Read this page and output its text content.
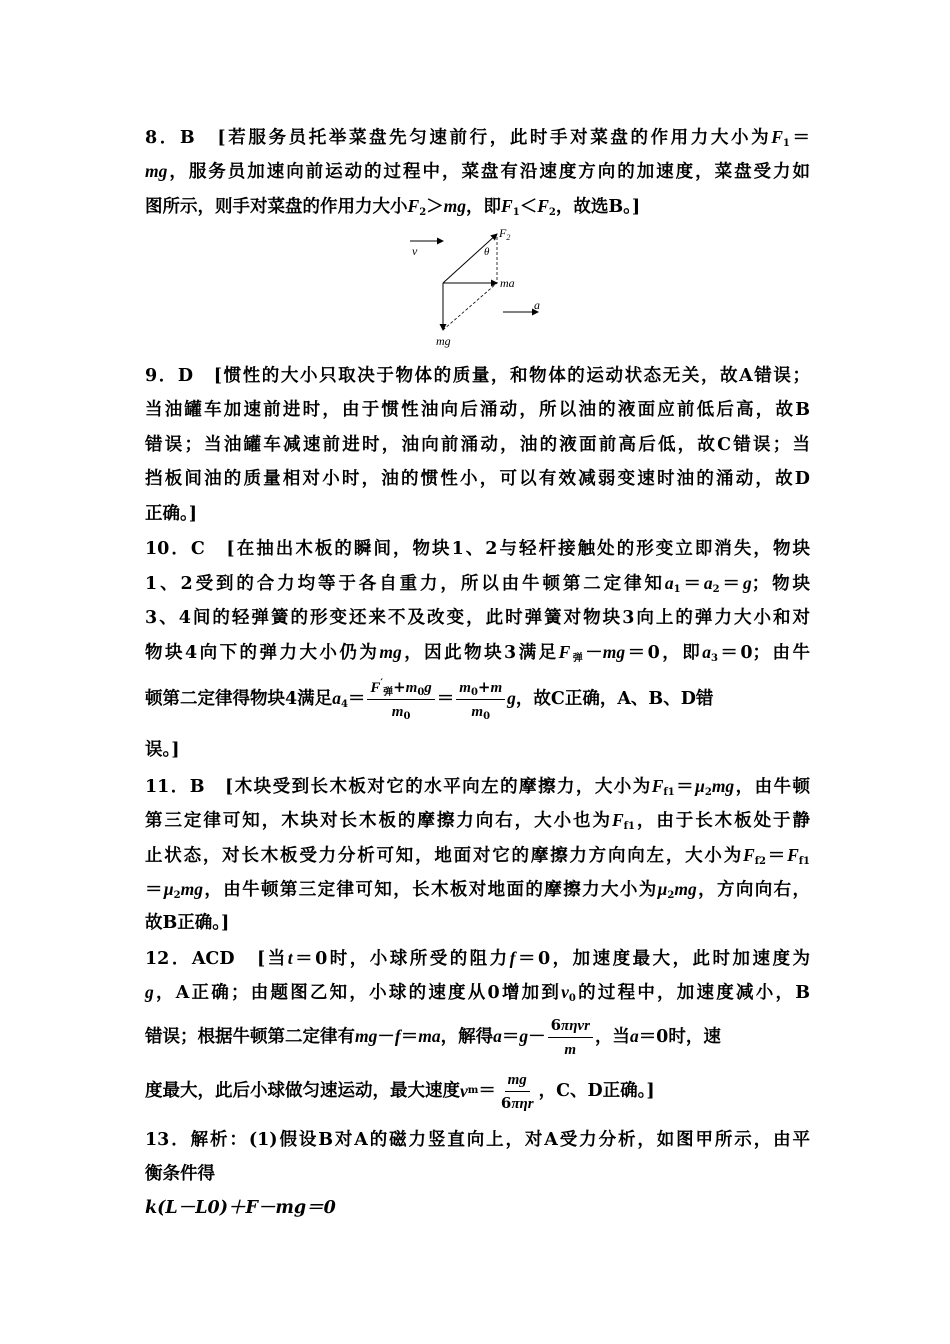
8．B　[若服务员托举菜盘先匀速前行，此时手对菜盘的作用力大小为$F_1=$
mg，服务员加速向前运动的过程中，菜盘有沿速度方向的加速度，菜盘受力如
图所示，则手对菜盘的作用力大小$F_2>mg$，即$F_1<F_2$，故选B。]
v
$F_2$
θ
ma
mg
a
9．D　[惯性的大小只取决于物体的质量，和物体的运动状态无关，故A错误；
当油罐车加速前进时，由于惯性油向后涌动，所以油的液面应前低后高，故B
错误；当油罐车减速前进时，油向前涌动，油的液面前高后低，故C错误；当
挡板间油的质量相对小时，油的惯性小，可以有效减弱变速时油的涌动，故D
正确。]
10．C　[在抽出木板的瞬间，物块1、2与轻杆接触处的形变立即消失，物块
1、2受到的合力均等于各自重力，所以由牛顿第二定律知$a_1=a_2=g$；物块
3、4间的轻弹簧的形变还来不及改变，此时弹簧对物块3向上的弹力大小和对
物块4向下的弹力大小仍为mg，因此物块3满足$F_弹-mg=0$，即$a_3=0$；由牛
顿第二定律得物块4满足$a_4= \frac{F'_弹+m_0g}{m_0} = \frac{m_0+m}{m_0}$ g，故C正确，A、B、D错
误。]
11．B　[木块受到长木板对它的水平向左的摩擦力，大小为$F_{f1}=\mu_2mg$，由牛顿
第三定律可知，木块对长木板的摩擦力向右，大小也为$F_{f1}$，由于长木板处于静
止状态，对长木板受力分析可知，地面对它的摩擦力方向向左，大小为$F_{f2}=F_{f1}$
$=\mu_2mg$，由牛顿第三定律可知，长木板对地面的摩擦力大小为$\mu_2mg$，方向向右，
故B正确。]
12．ACD　[当t＝0时，小球所受的阻力f＝0，加速度最大，此时加速度为
g，A正确；由题图乙知，小球的速度从0增加到$v_0$的过程中，加速度减小，B
错误；根据牛顿第二定律有mg－f＝ma，解得$a=g- \frac{\text{6πηvr}}{m}$ ，当a＝0时，速
度最大，此后小球做匀速运动，最大速度 v $m = \frac{mg}{\text{6πηr}}$ ，C、D正确。]
13．解析：(1)假设B对A的磁力竖直向上，对A受力分析，如图甲所示，由平
衡条件得
k(L－L0)＋F－mg＝0
